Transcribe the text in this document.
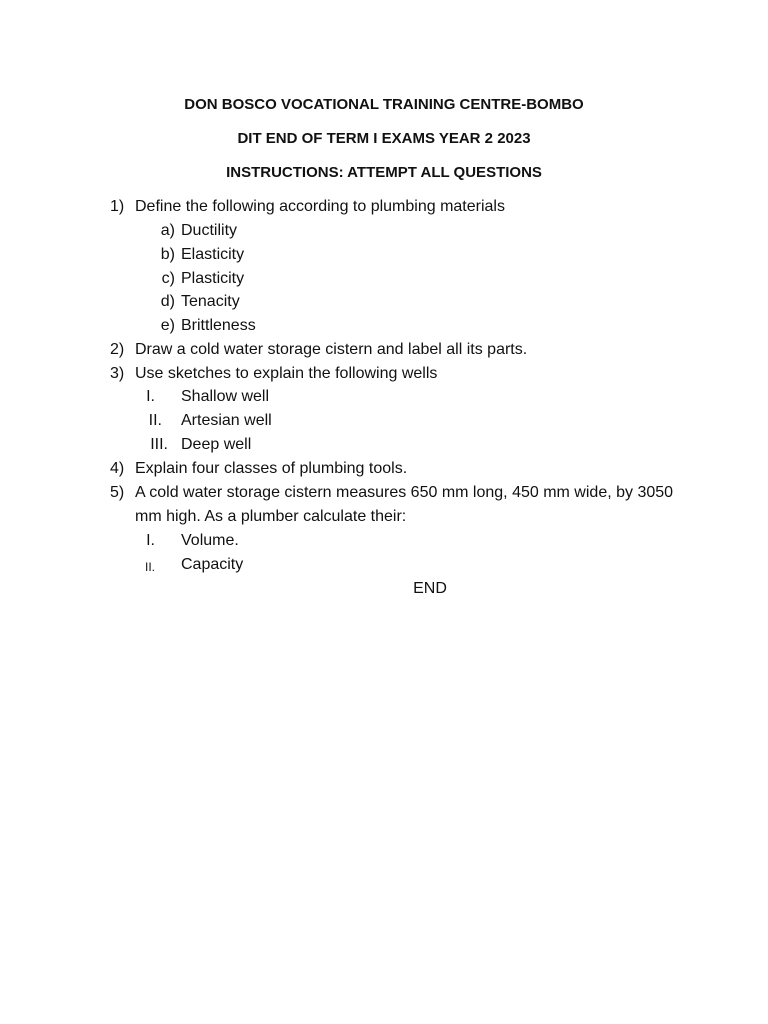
DON BOSCO VOCATIONAL TRAINING CENTRE-BOMBO
DIT END OF TERM I EXAMS YEAR 2 2023
INSTRUCTIONS: ATTEMPT ALL QUESTIONS
1) Define the following according to plumbing materials
a) Ductility
b) Elasticity
c) Plasticity
d) Tenacity
e) Brittleness
2) Draw a cold water storage cistern and label all its parts.
3) Use sketches to explain the following wells
I. Shallow well
II. Artesian well
III. Deep well
4) Explain four classes of plumbing tools.
5) A cold water storage cistern measures 650 mm long, 450 mm wide, by 3050
mm high. As a plumber calculate their:
I. Volume.
II. Capacity
END
